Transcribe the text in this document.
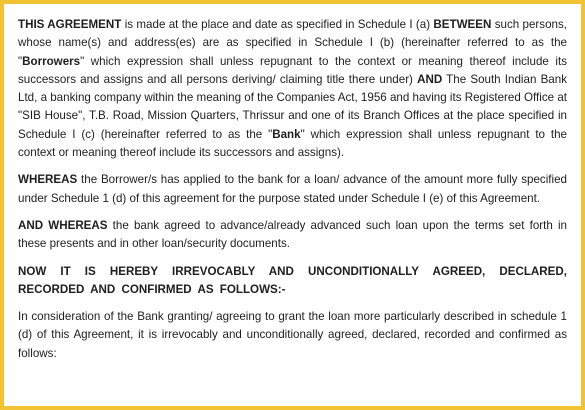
THIS AGREEMENT is made at the place and date as specified in Schedule I (a) BETWEEN such persons, whose name(s) and address(es) are as specified in Schedule I (b) (hereinafter referred to as the "Borrowers" which expression shall unless repugnant to the context or meaning thereof include its successors and assigns and all persons deriving/ claiming title there under) AND The South Indian Bank Ltd, a banking company within the meaning of the Companies Act, 1956 and having its Registered Office at "SIB House", T.B. Road, Mission Quarters, Thrissur and one of its Branch Offices at the place specified in Schedule I (c) (hereinafter referred to as the "Bank" which expression shall unless repugnant to the context or meaning thereof include its successors and assigns).

WHEREAS the Borrower/s has applied to the bank for a loan/ advance of the amount more fully specified under Schedule 1 (d) of this agreement for the purpose stated under Schedule I (e) of this Agreement.

AND WHEREAS the bank agreed to advance/already advanced such loan upon the terms set forth in these presents and in other loan/security documents.

NOW IT IS HEREBY IRREVOCABLY AND UNCONDITIONALLY AGREED, DECLARED, RECORDED AND CONFIRMED AS FOLLOWS:-

In consideration of the Bank granting/ agreeing to grant the loan more particularly described in schedule 1 (d) of this Agreement, it is irrevocably and unconditionally agreed, declared, recorded and confirmed as follows:
